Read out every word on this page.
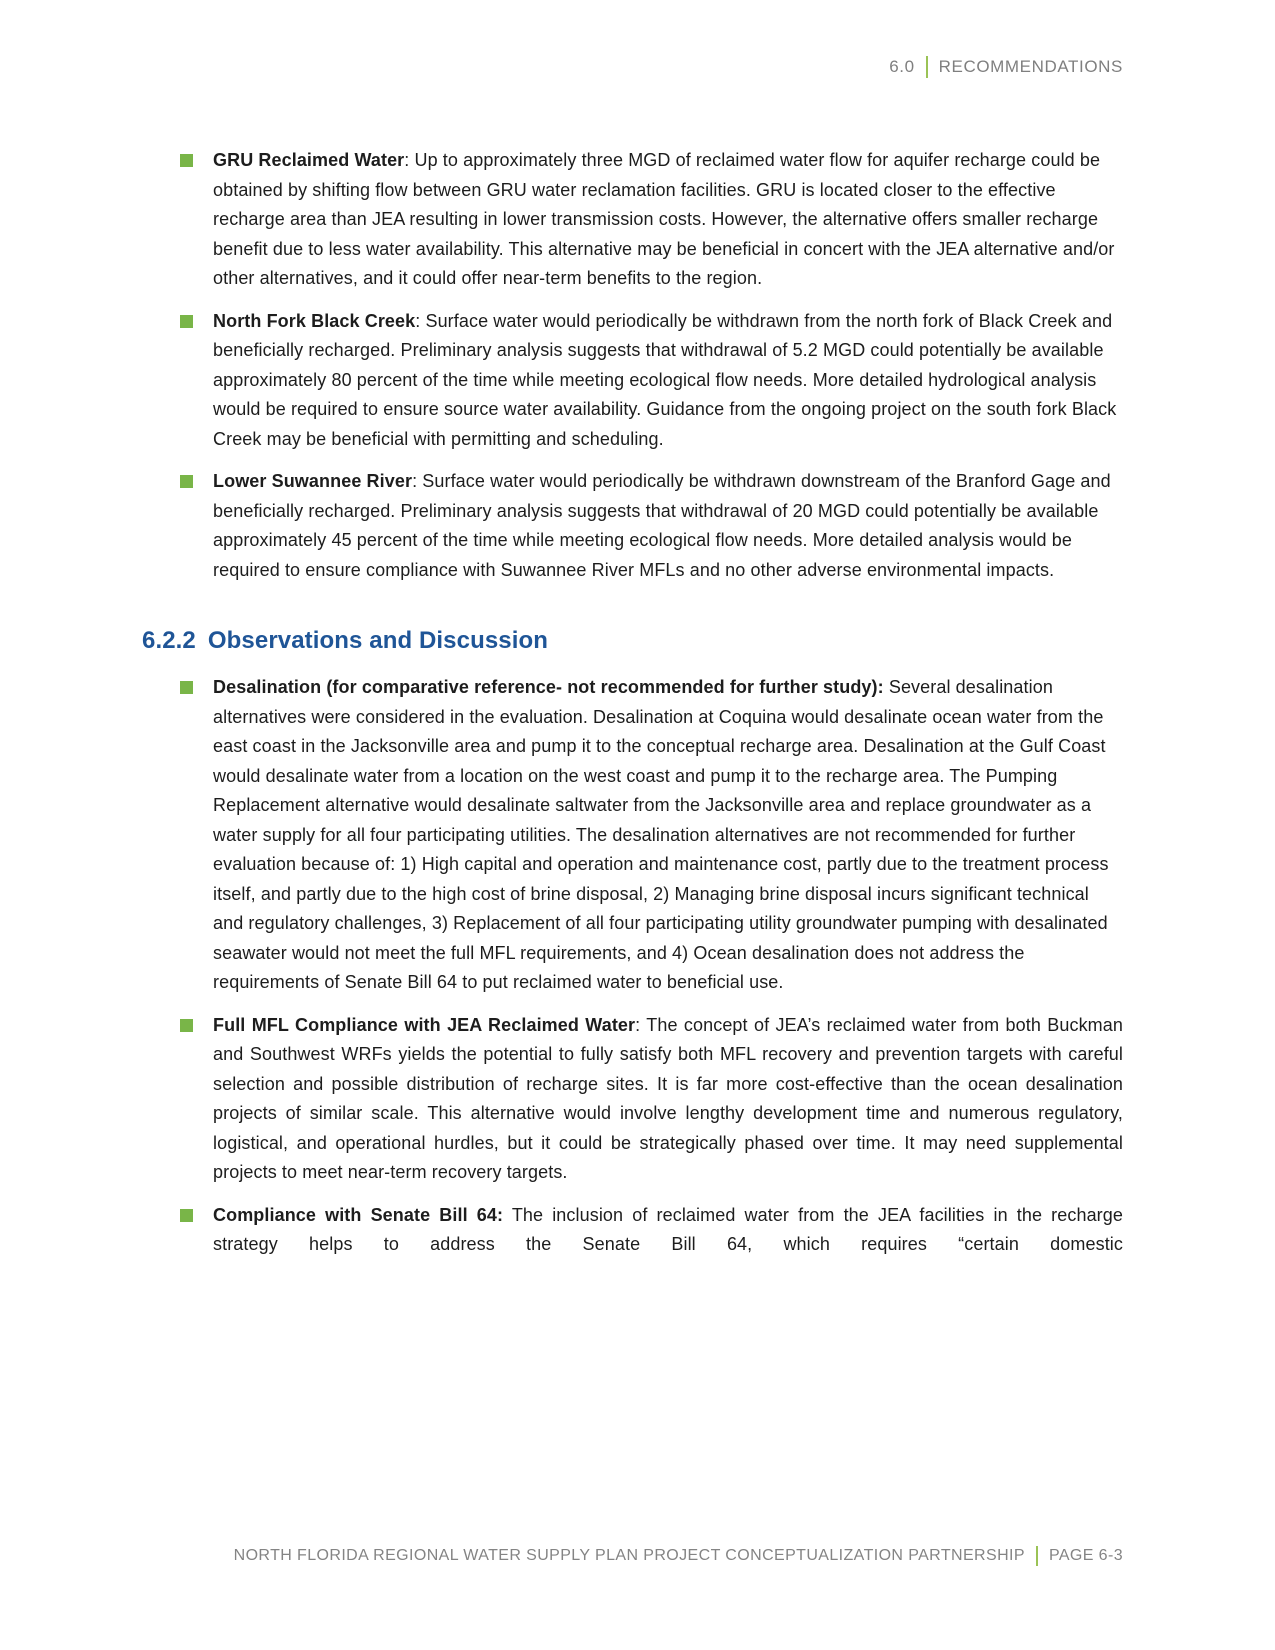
6.0 RECOMMENDATIONS

GRU Reclaimed Water: Up to approximately three MGD of reclaimed water flow for aquifer recharge could be obtained by shifting flow between GRU water reclamation facilities. GRU is located closer to the effective recharge area than JEA resulting in lower transmission costs. However, the alternative offers smaller recharge benefit due to less water availability. This alternative may be beneficial in concert with the JEA alternative and/or other alternatives, and it could offer near-term benefits to the region.

North Fork Black Creek: Surface water would periodically be withdrawn from the north fork of Black Creek and beneficially recharged. Preliminary analysis suggests that withdrawal of 5.2 MGD could potentially be available approximately 80 percent of the time while meeting ecological flow needs. More detailed hydrological analysis would be required to ensure source water availability. Guidance from the ongoing project on the south fork Black Creek may be beneficial with permitting and scheduling.

Lower Suwannee River: Surface water would periodically be withdrawn downstream of the Branford Gage and beneficially recharged. Preliminary analysis suggests that withdrawal of 20 MGD could potentially be available approximately 45 percent of the time while meeting ecological flow needs. More detailed analysis would be required to ensure compliance with Suwannee River MFLs and no other adverse environmental impacts.

6.2.2 Observations and Discussion

Desalination (for comparative reference- not recommended for further study): Several desalination alternatives were considered in the evaluation. Desalination at Coquina would desalinate ocean water from the east coast in the Jacksonville area and pump it to the conceptual recharge area. Desalination at the Gulf Coast would desalinate water from a location on the west coast and pump it to the recharge area. The Pumping Replacement alternative would desalinate saltwater from the Jacksonville area and replace groundwater as a water supply for all four participating utilities. The desalination alternatives are not recommended for further evaluation because of: 1) High capital and operation and maintenance cost, partly due to the treatment process itself, and partly due to the high cost of brine disposal, 2) Managing brine disposal incurs significant technical and regulatory challenges, 3) Replacement of all four participating utility groundwater pumping with desalinated seawater would not meet the full MFL requirements, and 4) Ocean desalination does not address the requirements of Senate Bill 64 to put reclaimed water to beneficial use.

Full MFL Compliance with JEA Reclaimed Water: The concept of JEA’s reclaimed water from both Buckman and Southwest WRFs yields the potential to fully satisfy both MFL recovery and prevention targets with careful selection and possible distribution of recharge sites. It is far more cost-effective than the ocean desalination projects of similar scale. This alternative would involve lengthy development time and numerous regulatory, logistical, and operational hurdles, but it could be strategically phased over time. It may need supplemental projects to meet near-term recovery targets.

Compliance with Senate Bill 64: The inclusion of reclaimed water from the JEA facilities in the recharge strategy helps to address the Senate Bill 64, which requires “certain domestic

NORTH FLORIDA REGIONAL WATER SUPPLY PLAN PROJECT CONCEPTUALIZATION PARTNERSHIP PAGE 6-3
